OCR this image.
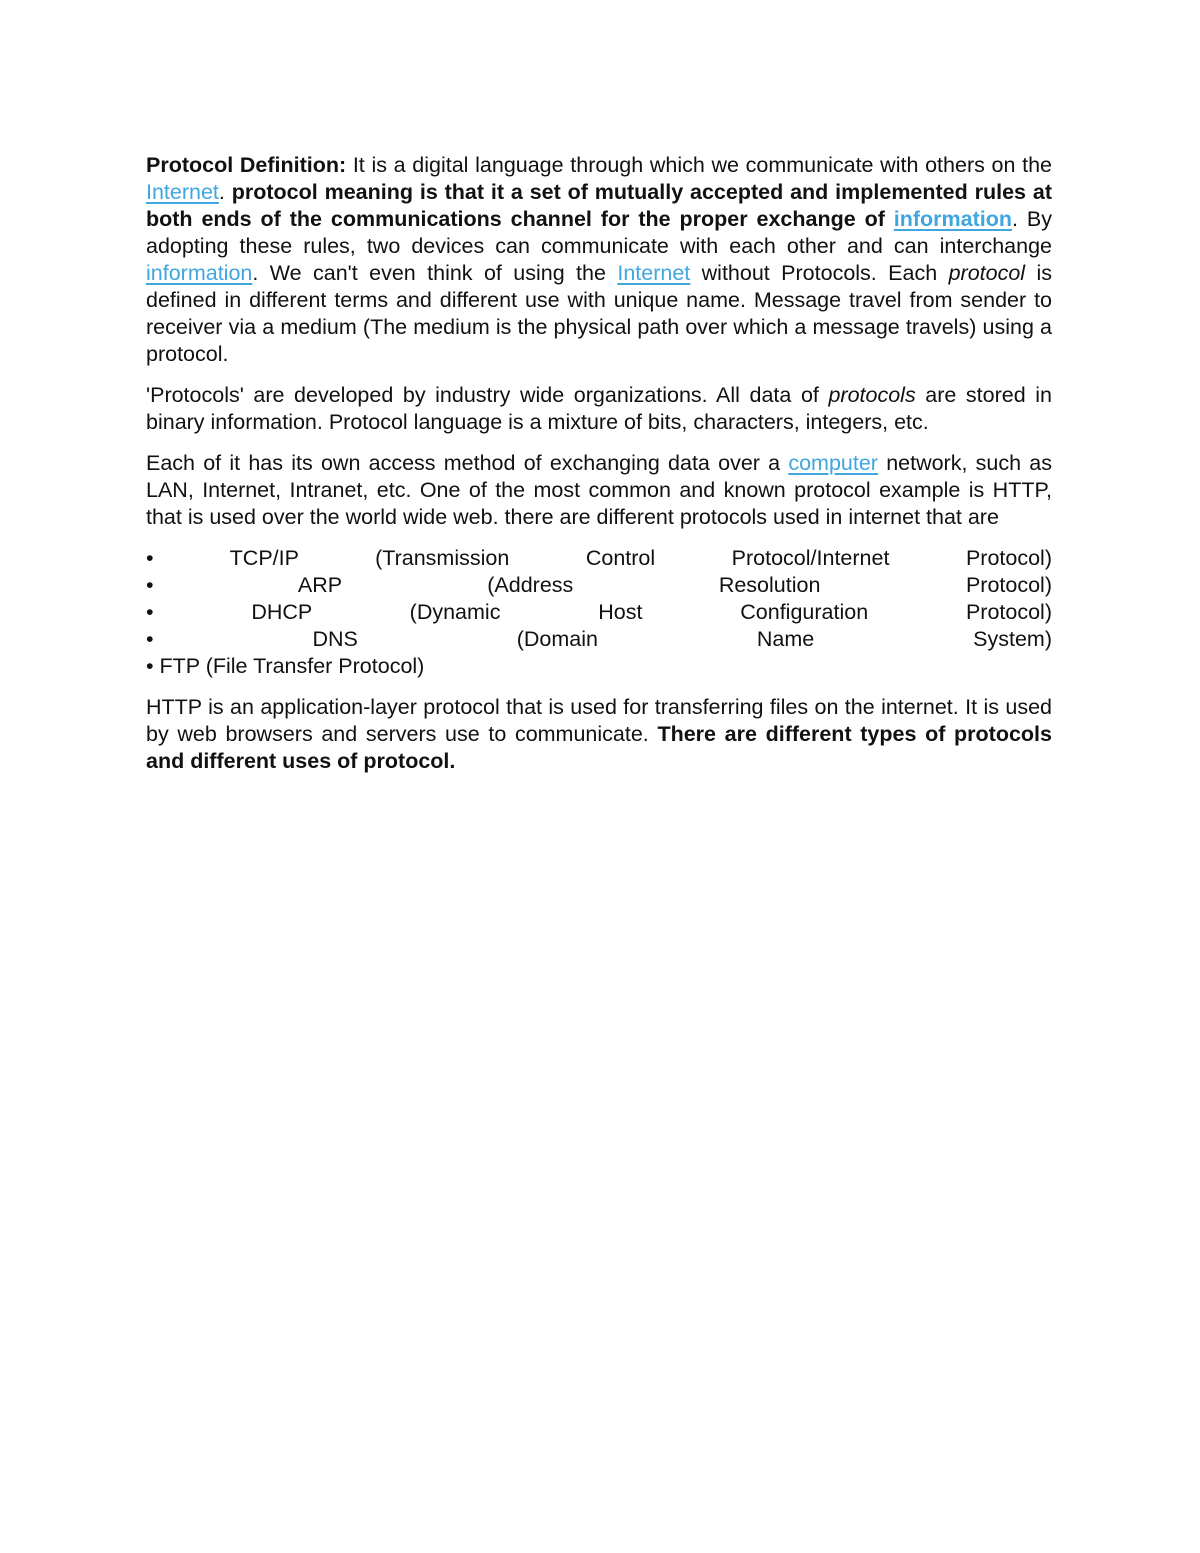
Protocol Definition: It is a digital language through which we communicate with others on the Internet. protocol meaning is that it a set of mutually accepted and implemented rules at both ends of the communications channel for the proper exchange of information. By adopting these rules, two devices can communicate with each other and can interchange information. We can't even think of using the Internet without Protocols. Each protocol is defined in different terms and different use with unique name. Message travel from sender to receiver via a medium (The medium is the physical path over which a message travels) using a protocol.

'Protocols' are developed by industry wide organizations. All data of protocols are stored in binary information. Protocol language is a mixture of bits, characters, integers, etc.

Each of it has its own access method of exchanging data over a computer network, such as LAN, Internet, Intranet, etc. One of the most common and known protocol example is HTTP, that is used over the world wide web. there are different protocols used in internet that are

• TCP/IP (Transmission Control Protocol/Internet Protocol)
• ARP (Address Resolution Protocol)
• DHCP (Dynamic Host Configuration Protocol)
• DNS (Domain Name System)
• FTP (File Transfer Protocol)

HTTP is an application-layer protocol that is used for transferring files on the internet. It is used by web browsers and servers use to communicate. There are different types of protocols and different uses of protocol.
